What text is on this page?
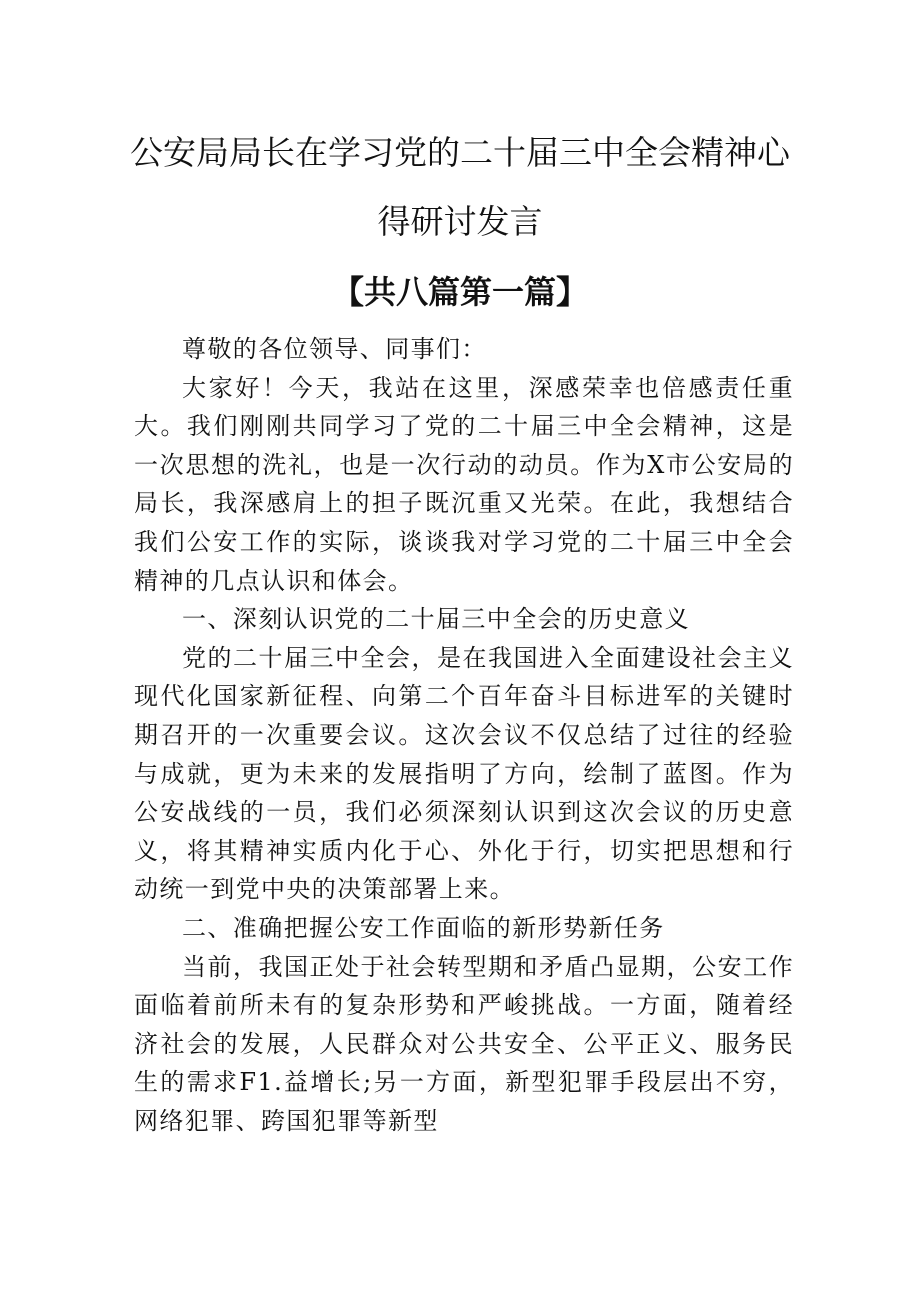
公安局局长在学习党的二十届三中全会精神心
得研讨发言
【共八篇第一篇】

尊敬的各位领导、同事们：

大家好！今天，我站在这里，深感荣幸也倍感责任重大。我们刚刚共同学习了党的二十届三中全会精神，这是一次思想的洗礼，也是一次行动的动员。作为X市公安局的局长，我深感肩上的担子既沉重又光荣。在此，我想结合我们公安工作的实际，谈谈我对学习党的二十届三中全会精神的几点认识和体会。

一、深刻认识党的二十届三中全会的历史意义

党的二十届三中全会，是在我国进入全面建设社会主义现代化国家新征程、向第二个百年奋斗目标进军的关键时期召开的一次重要会议。这次会议不仅总结了过往的经验与成就，更为未来的发展指明了方向，绘制了蓝图。作为公安战线的一员，我们必须深刻认识到这次会议的历史意义，将其精神实质内化于心、外化于行，切实把思想和行动统一到党中央的决策部署上来。

二、准确把握公安工作面临的新形势新任务

当前，我国正处于社会转型期和矛盾凸显期，公安工作面临着前所未有的复杂形势和严峻挑战。一方面，随着经济社会的发展，人民群众对公共安全、公平正义、服务民生的需求F1.益增长;另一方面，新型犯罪手段层出不穷，网络犯罪、跨国犯罪等新型
